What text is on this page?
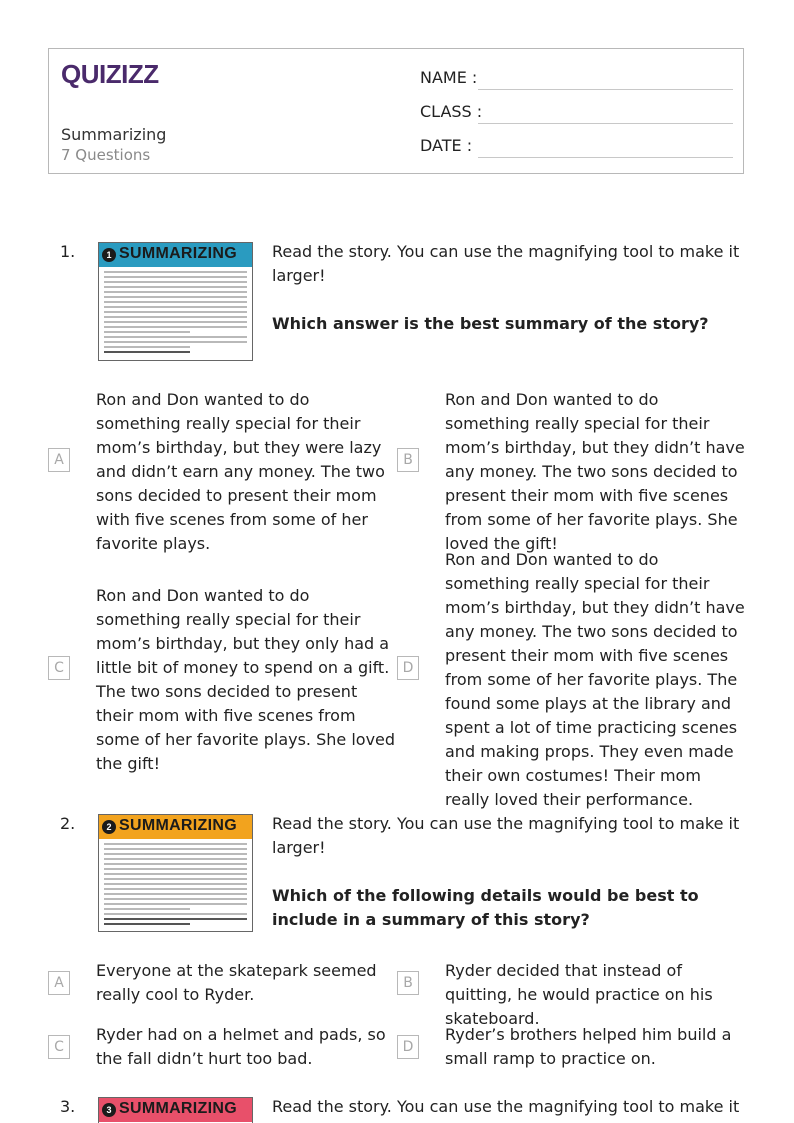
QUIZIZZ
Summarizing
7 Questions
NAME :
CLASS :
DATE :
1.	1 SUMMARIZING Read the story. You can use the magnifying tool to make it larger!
Which answer is the best summary of the story?
A
Ron and Don wanted to do something really special for their mom’s birthday, but they were lazy and didn’t earn any money. The two sons decided to present their mom with five scenes from some of her favorite plays.
B
Ron and Don wanted to do something really special for their mom’s birthday, but they didn’t have any money. The two sons decided to present their mom with five scenes from some of her favorite plays. She loved the gift!
C
Ron and Don wanted to do something really special for their mom’s birthday, but they only had a little bit of money to spend on a gift. The two sons decided to present their mom with five scenes from some of her favorite plays. She loved the gift!
D
Ron and Don wanted to do something really special for their mom’s birthday, but they didn’t have any money. The two sons decided to present their mom with five scenes from some of her favorite plays. The found some plays at the library and spent a lot of time practicing scenes and making props. They even made their own costumes! Their mom really loved their performance.
2.	2 SUMMARIZING Read the story. You can use the magnifying tool to make it larger!
Which of the following details would be best to include in a summary of this story?
A
Everyone at the skatepark seemed really cool to Ryder.
B
Ryder decided that instead of quitting, he would practice on his skateboard.
C
Ryder had on a helmet and pads, so the fall didn’t hurt too bad.
D
Ryder’s brothers helped him build a small ramp to practice on.
3.	3 SUMMARIZING Read the story. You can use the magnifying tool to make it
